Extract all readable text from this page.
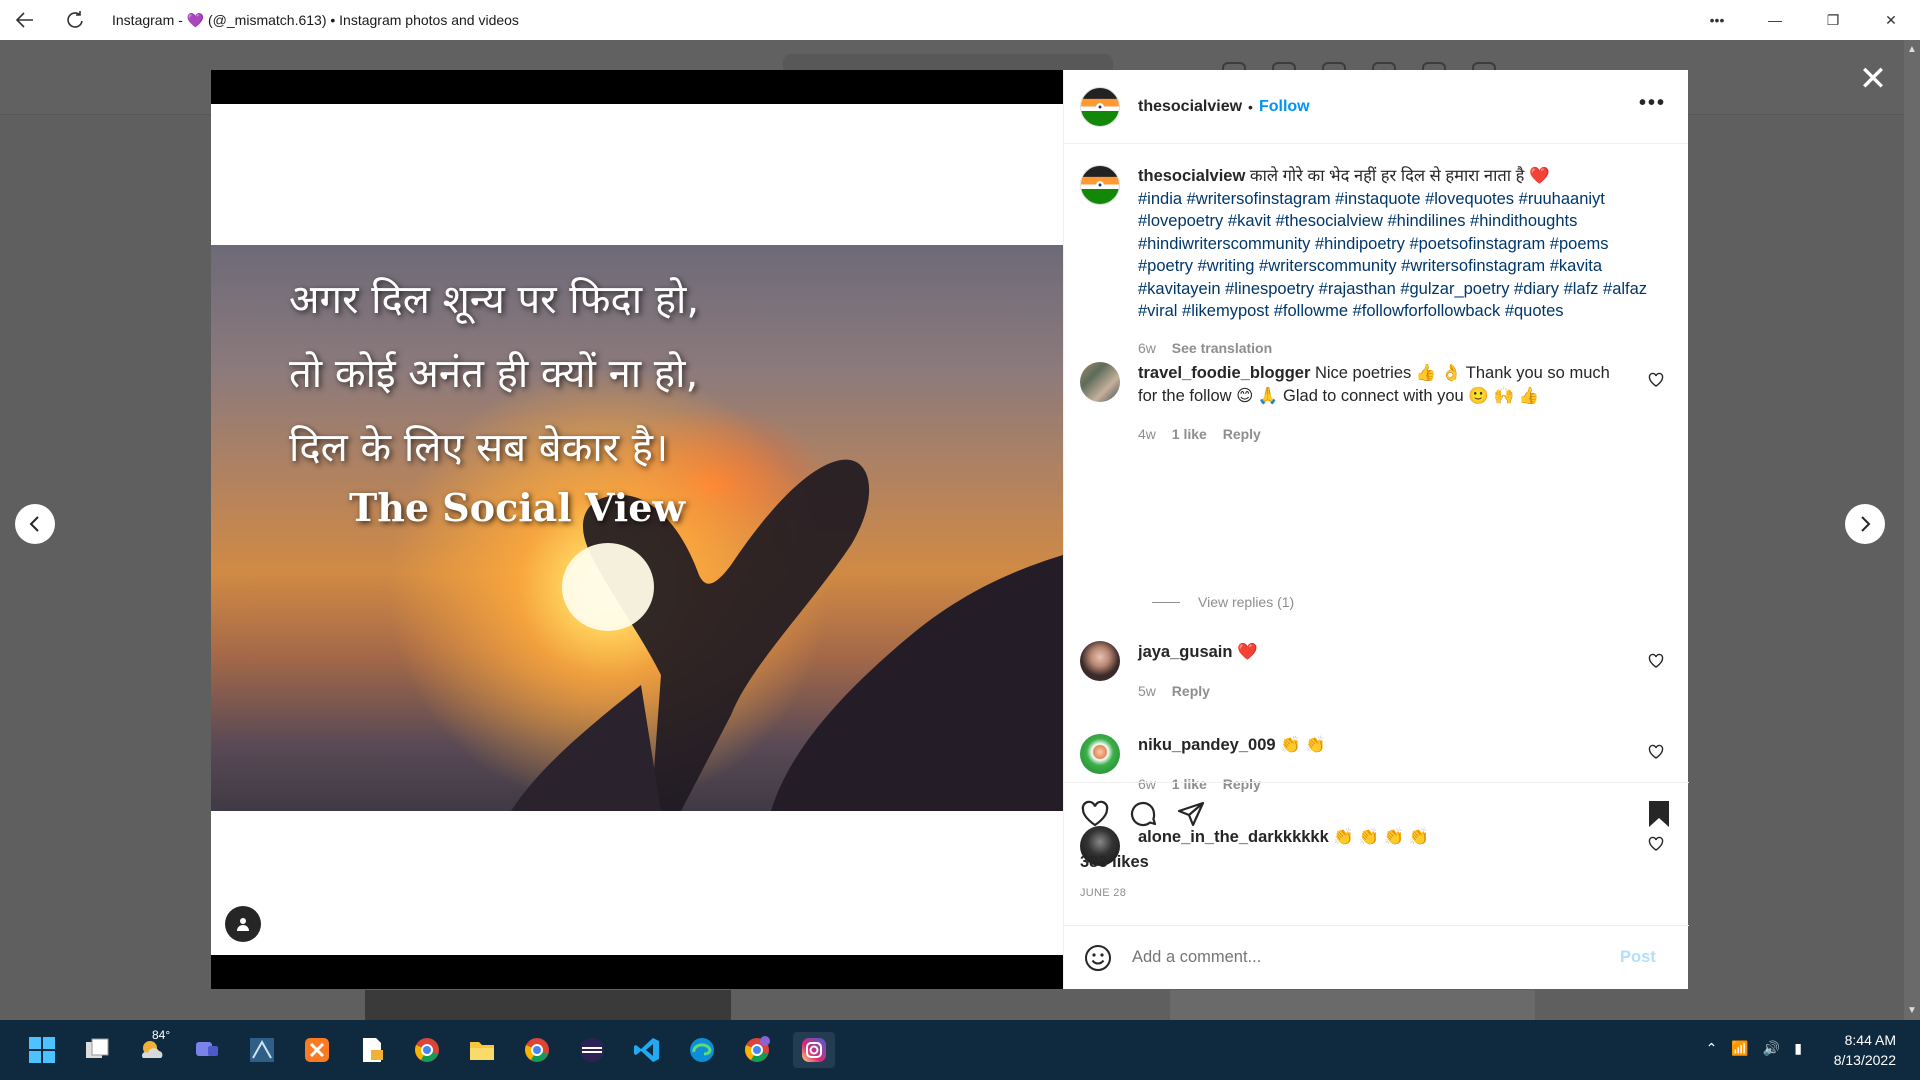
Instagram - 💜 (@_mismatch.613) • Instagram photos and videos	•••	—	❐	✕
▲
▼
✕
अगर दिल शून्य पर फिदा हो,
तो कोई अनंत ही क्यों ना हो,
दिल के लिए सब बेकार है।
The Social View
thesocialview • Follow	•••
thesocialview काले गोरे का भेद नहीं हर दिल से हमारा नाता है ❤️
#india #writersofinstagram #instaquote #lovequotes #ruuhaaniyt #lovepoetry #kavit #thesocialview #hindilines #hindithoughts #hindiwriterscommunity #hindipoetry #poetsofinstagram #poems #poetry #writing #writerscommunity #writersofinstagram #kavita #kavitayein #linespoetry #rajasthan #gulzar_poetry #diary #lafz #alfaz #viral #likemypost #followme #followforfollowback #quotes
6w See translation
travel_foodie_blogger Nice poetries 👍 👌 Thank you so much for the follow 😊 🙏 Glad to connect with you 🙂 🙌 👍
4w 1 like Reply
View replies (1)
jaya_gusain ❤️
5w Reply
niku_pandey_009 👏 👏
6w 1 like Reply
alone_in_the_darkkkkkk 👏 👏 👏 👏
383 likes
JUNE 28
Add a comment...
Post
84°
⌃ 📶 🔊 ▮	8:44 AM
8/13/2022
